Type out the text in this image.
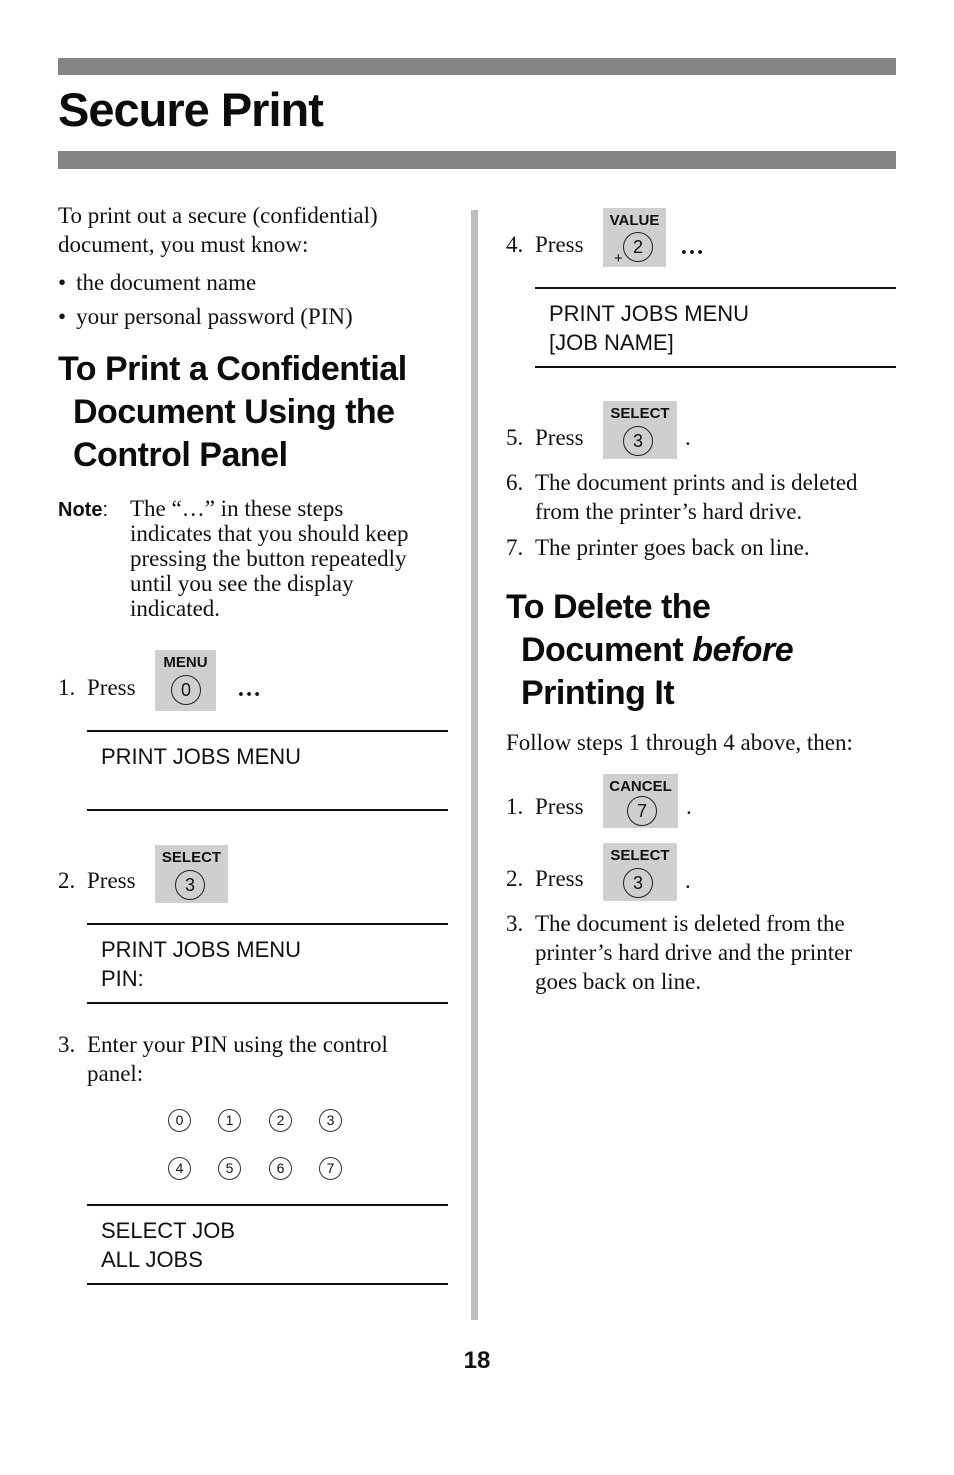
Secure Print
To print out a secure (confidential)
document, you must know:
• the document name
• your personal password (PIN)
To Print a Confidential
Document Using the
Control Panel
Note: The “…” in these steps
indicates that you should keep
pressing the button repeatedly
until you see the display
indicated.
1. Press
MENU
0	…
PRINT JOBS MENU
2. Press
SELECT
3
PRINT JOBS MENU
PIN:
3. Enter your PIN using the control
panel:
0	1	2	3
4	5	6	7
SELECT JOB
ALL JOBS
4. Press
VALUE
2
+ …
PRINT JOBS MENU
[JOB NAME]
5. Press
SELECT
3	.
6. The document prints and is deleted
from the printer’s hard drive.
7. The printer goes back on line.
To Delete the
Document before
Printing It
Follow steps 1 through 4 above, then:
1. Press
CANCEL
7	.
2. Press
SELECT
3	.
3. The document is deleted from the
printer’s hard drive and the printer
goes back on line.
18
